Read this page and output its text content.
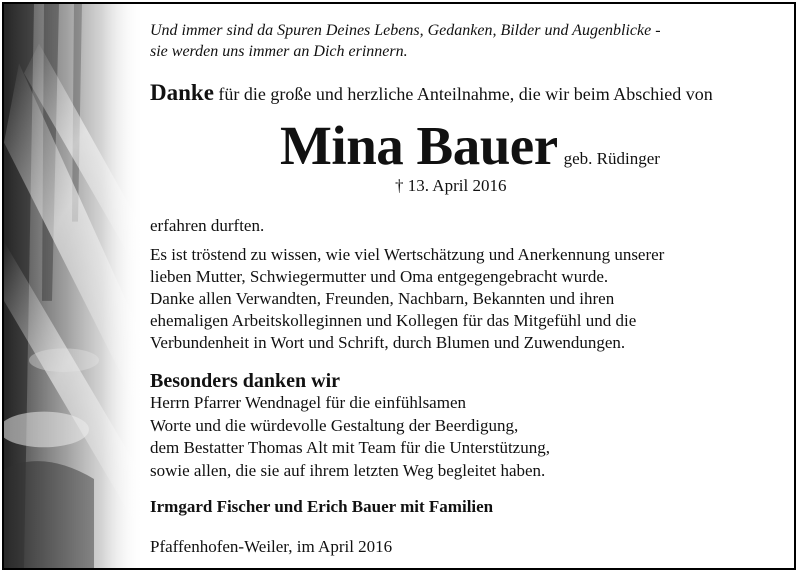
Und immer sind da Spuren Deines Lebens, Gedanken, Bilder und Augenblicke -
sie werden uns immer an Dich erinnern.
Danke für die große und herzliche Anteilnahme, die wir beim Abschied von
Mina Bauer geb. Rüdinger
† 13. April 2016
erfahren durften.
Es ist tröstend zu wissen, wie viel Wertschätzung und Anerkennung unserer
lieben Mutter, Schwiegermutter und Oma entgegengebracht wurde.
Danke allen Verwandten, Freunden, Nachbarn, Bekannten und ihren
ehemaligen Arbeitskolleginnen und Kollegen für das Mitgefühl und die
Verbundenheit in Wort und Schrift, durch Blumen und Zuwendungen.
Besonders danken wir
Herrn Pfarrer Wendnagel für die einfühlsamen
Worte und die würdevolle Gestaltung der Beerdigung,
dem Bestatter Thomas Alt mit Team für die Unterstützung,
sowie allen, die sie auf ihrem letzten Weg begleitet haben.
Irmgard Fischer und Erich Bauer mit Familien
Pfaffenhofen-Weiler, im April 2016
